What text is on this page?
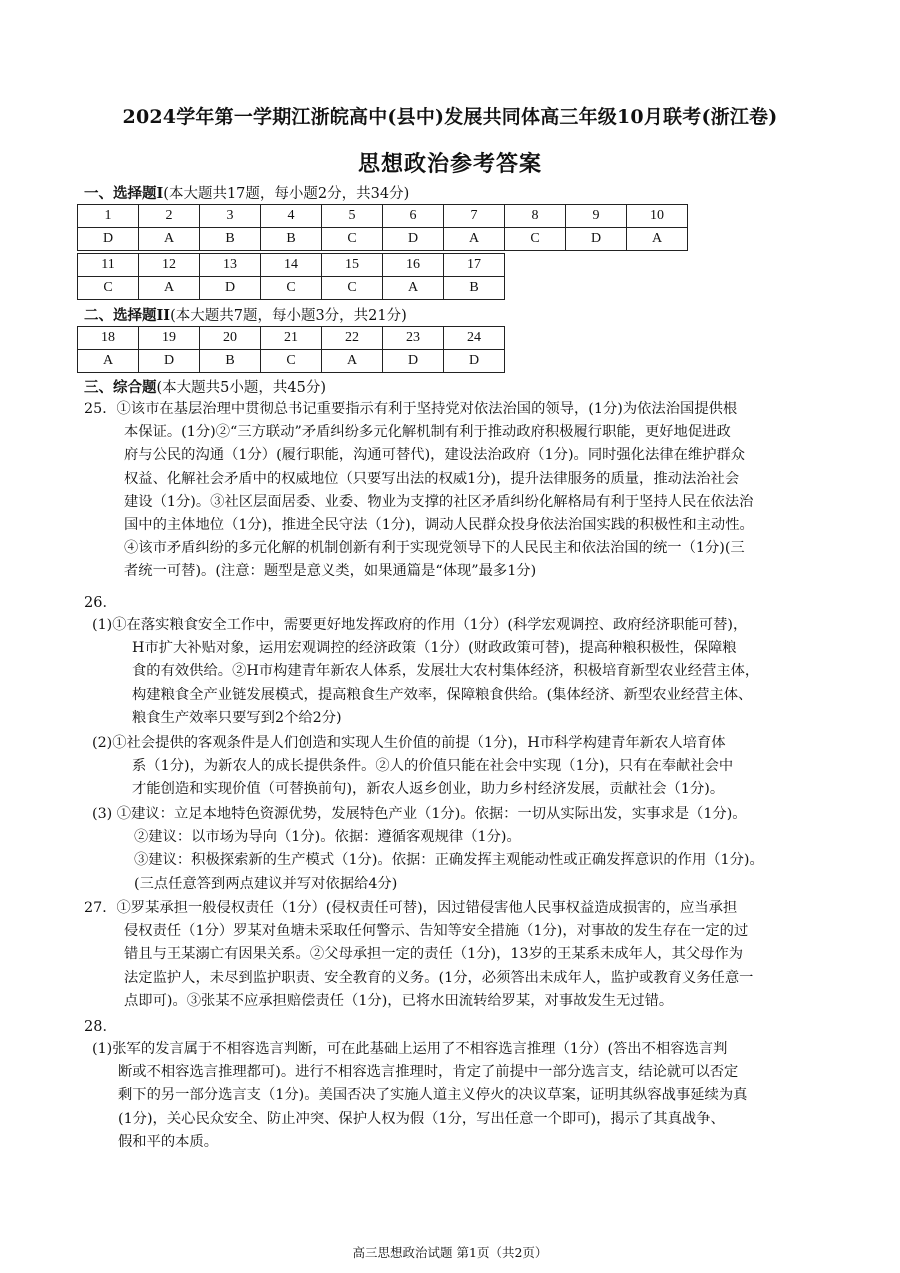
2024学年第一学期江浙皖高中(县中)发展共同体高三年级10月联考(浙江卷)
思想政治参考答案
一、选择题I(本大题共17题，每小题2分，共34分)
1	2	3	4	5	6	7	8	9	10
D	A	B	B	C	D	A	C	D	A
11	12	13	14	15	16	17
C	A	D	C	C	A	B
二、选择题II(本大题共7题，每小题3分，共21分)
18	19	20	21	22	23	24
A	D	B	C	A	D	D
三、综合题(本大题共5小题，共45分)
25．①该市在基层治理中贯彻总书记重要指示有利于坚持党对依法治国的领导，(1分)为依法治国提供根
本保证。(1分)②“三方联动”矛盾纠纷多元化解机制有利于推动政府积极履行职能，更好地促进政
府与公民的沟通（1分）(履行职能，沟通可替代)，建设法治政府（1分)。同时强化法律在维护群众
权益、化解社会矛盾中的权威地位（只要写出法的权威1分)，提升法律服务的质量，推动法治社会
建设（1分)。③社区层面居委、业委、物业为支撑的社区矛盾纠纷化解格局有利于坚持人民在依法治
国中的主体地位（1分)，推进全民守法（1分)，调动人民群众投身依法治国实践的积极性和主动性。
④该市矛盾纠纷的多元化解的机制创新有利于实现党领导下的人民民主和依法治国的统一（1分)(三
者统一可替)。(注意：题型是意义类，如果通篇是“体现”最多1分)
26．
(1)①在落实粮食安全工作中，需要更好地发挥政府的作用（1分）(科学宏观调控、政府经济职能可替)，
H市扩大补贴对象，运用宏观调控的经济政策（1分）(财政政策可替)，提高种粮积极性，保障粮
食的有效供给。②H市构建青年新农人体系，发展壮大农村集体经济，积极培育新型农业经营主体，
构建粮食全产业链发展模式，提高粮食生产效率，保障粮食供给。(集体经济、新型农业经营主体、
粮食生产效率只要写到2个给2分)
(2)①社会提供的客观条件是人们创造和实现人生价值的前提（1分)，H市科学构建青年新农人培育体
系（1分)，为新农人的成长提供条件。②人的价值只能在社会中实现（1分)，只有在奉献社会中
才能创造和实现价值（可替换前句)，新农人返乡创业，助力乡村经济发展，贡献社会（1分)。
(3) ①建议：立足本地特色资源优势，发展特色产业（1分)。依据：一切从实际出发，实事求是（1分)。
②建议：以市场为导向（1分)。依据：遵循客观规律（1分)。
③建议：积极探索新的生产模式（1分)。依据：正确发挥主观能动性或正确发挥意识的作用（1分)。
(三点任意答到两点建议并写对依据给4分)
27．①罗某承担一般侵权责任（1分）(侵权责任可替)，因过错侵害他人民事权益造成损害的，应当承担
侵权责任（1分）罗某对鱼塘未采取任何警示、告知等安全措施（1分)，对事故的发生存在一定的过
错且与王某溺亡有因果关系。②父母承担一定的责任（1分)，13岁的王某系未成年人，其父母作为
法定监护人，未尽到监护职责、安全教育的义务。(1分，必须答出未成年人，监护或教育义务任意一
点即可)。③张某不应承担赔偿责任（1分)，已将水田流转给罗某，对事故发生无过错。
28．
(1)张军的发言属于不相容选言判断，可在此基础上运用了不相容选言推理（1分）(答出不相容选言判
断或不相容选言推理都可)。进行不相容选言推理时，肯定了前提中一部分选言支，结论就可以否定
剩下的另一部分选言支（1分)。美国否决了实施人道主义停火的决议草案，证明其纵容战事延续为真
(1分)，关心民众安全、防止冲突、保护人权为假（1分，写出任意一个即可)，揭示了其真战争、
假和平的本质。
高三思想政治试题 第1页（共2页）
